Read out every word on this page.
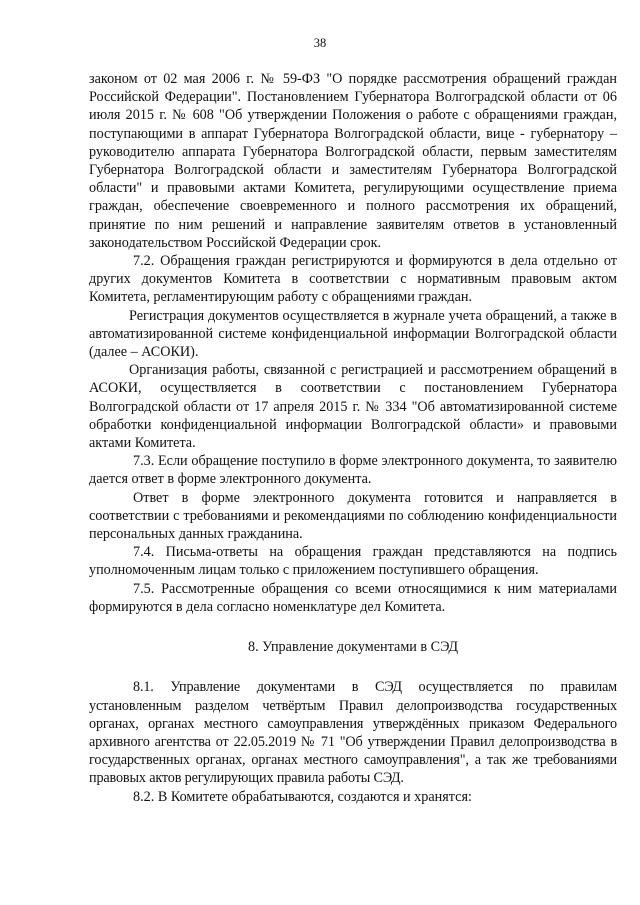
38

законом от 02 мая 2006 г. № 59-ФЗ "О порядке рассмотрения обращений граждан Российской Федерации". Постановлением Губернатора Волгоградской области от 06 июля 2015 г. № 608 "Об утверждении Положения о работе с обращениями граждан, поступающими в аппарат Губернатора Волгоградской области, вице - губернатору – руководителю аппарата Губернатора Волгоградской области, первым заместителям Губернатора Волгоградской области и заместителям Губернатора Волгоградской области" и правовыми актами Комитета, регулирующими осуществление приема граждан, обеспечение своевременного и полного рассмотрения их обращений, принятие по ним решений и направление заявителям ответов в установленный законодательством Российской Федерации срок.

7.2. Обращения граждан регистрируются и формируются в дела отдельно от других документов Комитета в соответствии с нормативным правовым актом Комитета, регламентирующим работу с обращениями граждан.

Регистрация документов осуществляется в журнале учета обращений, а также в автоматизированной системе конфиденциальной информации Волгоградской области (далее – АСОКИ).

Организация работы, связанной с регистрацией и рассмотрением обращений в АСОКИ, осуществляется в соответствии с постановлением Губернатора Волгоградской области от 17 апреля 2015 г. № 334 "Об автоматизированной системе обработки конфиденциальной информации Волгоградской области» и правовыми актами Комитета.

7.3. Если обращение поступило в форме электронного документа, то заявителю дается ответ в форме электронного документа.

Ответ в форме электронного документа готовится и направляется в соответствии с требованиями и рекомендациями по соблюдению конфиденциальности персональных данных гражданина.

7.4. Письма-ответы на обращения граждан представляются на подпись уполномоченным лицам только с приложением поступившего обращения.

7.5. Рассмотренные обращения со всеми относящимися к ним материалами формируются в дела согласно номенклатуре дел Комитета.

8. Управление документами в СЭД

8.1. Управление документами в СЭД осуществляется по правилам установленным разделом четвёртым Правил делопроизводства государственных органах, органах местного самоуправления утверждённых приказом Федерального архивного агентства от 22.05.2019 № 71 "Об утверждении Правил делопроизводства в государственных органах, органах местного самоуправления", а так же требованиями правовых актов регулирующих правила работы СЭД.

8.2. В Комитете обрабатываются, создаются и хранятся:
